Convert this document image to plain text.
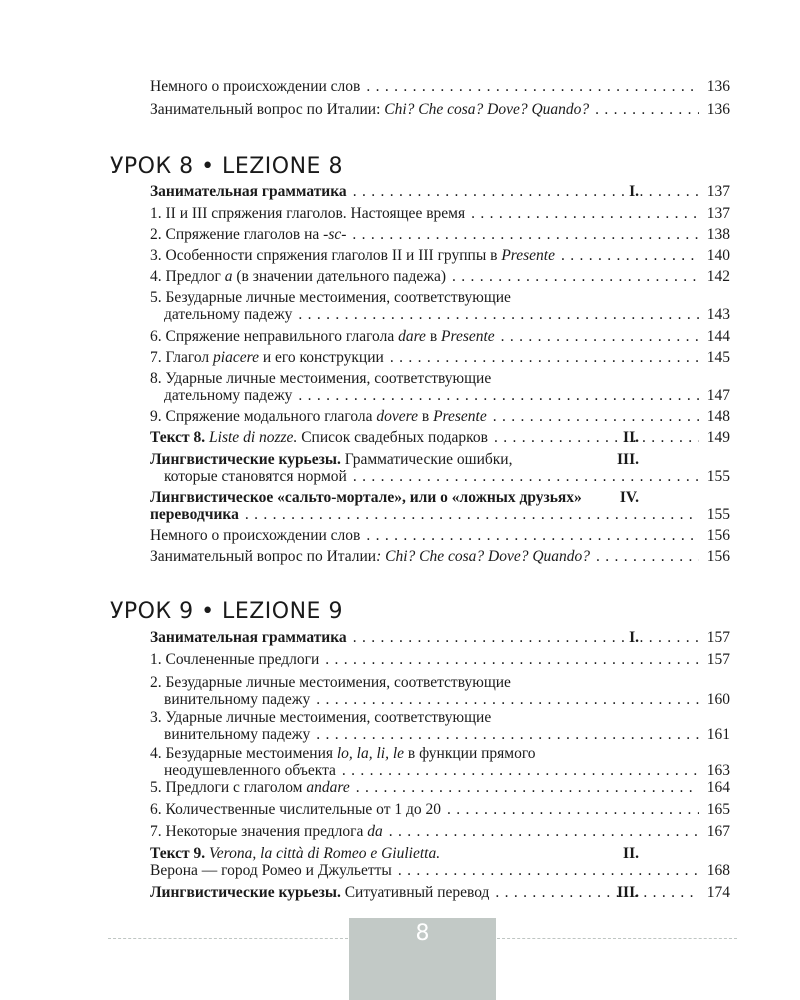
Немного о происхождении слов . . .	136
Занимательный вопрос по Италии: Chi? Che cosa? Dove? Quando? . . .	136
УРОК 8 • LEZIONE 8
I.
Занимательная грамматика . . .	137
1. II и III спряжения глаголов. Настоящее время . . .	137
2. Спряжение глаголов на -sc- . . .	138
3. Особенности спряжения глаголов II и III группы в Presente . . .	140
4. Предлог a (в значении дательного падежа) . . .	142
5. Безударные личные местоимения, соответствующие
дательному падежу . . .	143
6. Спряжение неправильного глагола dare в Presente . . .	144
7. Глагол piacere и его конструкции . . .	145
8. Ударные личные местоимения, соответствующие
дательному падежу . . .	147
9. Спряжение модального глагола dovere в Presente . . .	148
II.
Текст 8. Liste di nozze. Список свадебных подарков . . .	149
III.
Лингвистические курьезы. Грамматические ошибки,
которые становятся нормой . . .	155
IV.
Лингвистическое «сальто-мортале», или о «ложных друзьях»
переводчика . . .	155
Немного о происхождении слов . . .	156
Занимательный вопрос по Италии: Chi? Che cosa? Dove? Quando? . . .	156
УРОК 9 • LEZIONE 9
I.
Занимательная грамматика . . .	157
1. Сочлененные предлоги . . .	157
2. Безударные личные местоимения, соответствующие
винительному падежу . . .	160
3. Ударные личные местоимения, соответствующие
винительному падежу . . .	161
4. Безударные местоимения lo, la, li, le в функции прямого
неодушевленного объекта . . .	163
5. Предлоги с глаголом andare . . .	164
6. Количественные числительные от 1 до 20 . . .	165
7. Некоторые значения предлога da . . .	167
II.
Текст 9. Verona, la città di Romeo e Giulietta.
Верона — город Ромео и Джульетты . . .	168
III.
Лингвистические курьезы. Ситуативный перевод . . .	174
8
